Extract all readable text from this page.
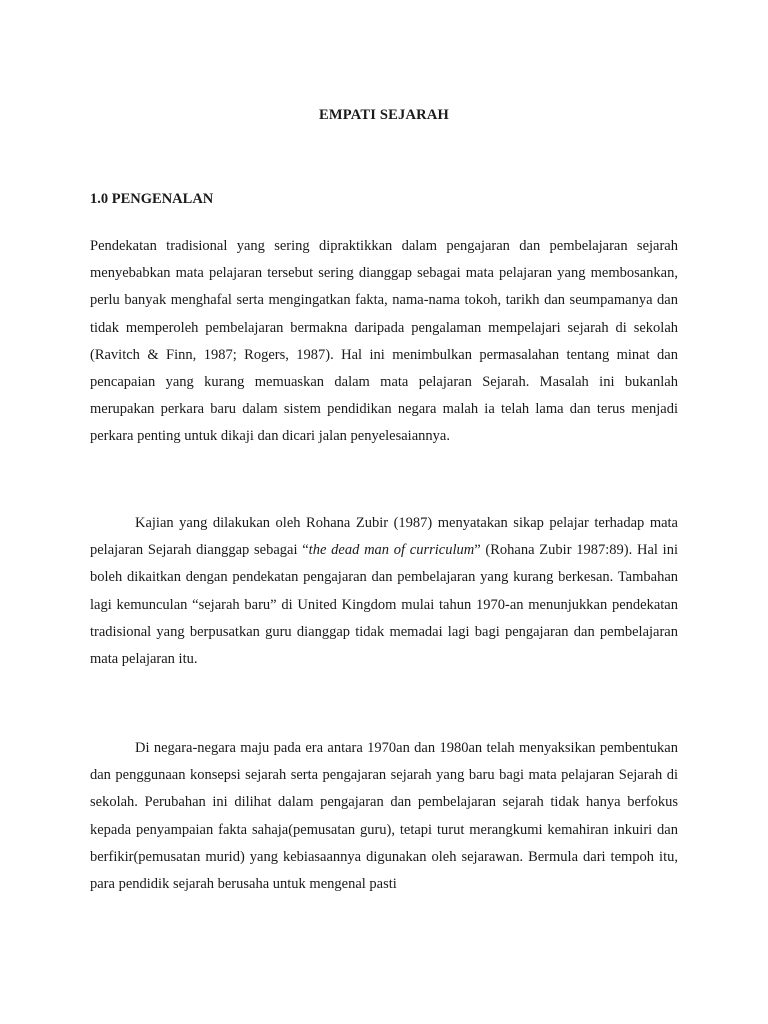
EMPATI SEJARAH
1.0 PENGENALAN

Pendekatan tradisional yang sering dipraktikkan dalam pengajaran dan pembelajaran sejarah menyebabkan mata pelajaran tersebut sering dianggap sebagai mata pelajaran yang membosankan, perlu banyak menghafal serta mengingatkan fakta, nama-nama tokoh, tarikh dan seumpamanya dan tidak memperoleh pembelajaran bermakna daripada pengalaman mempelajari sejarah di sekolah (Ravitch & Finn, 1987; Rogers, 1987). Hal ini menimbulkan permasalahan tentang minat dan pencapaian yang kurang memuaskan dalam mata pelajaran Sejarah. Masalah ini bukanlah merupakan perkara baru dalam sistem pendidikan negara malah ia telah lama dan terus menjadi perkara penting untuk dikaji dan dicari jalan penyelesaiannya.

Kajian yang dilakukan oleh Rohana Zubir (1987) menyatakan sikap pelajar terhadap mata pelajaran Sejarah dianggap sebagai “the dead man of curriculum” (Rohana Zubir 1987:89). Hal ini boleh dikaitkan dengan pendekatan pengajaran dan pembelajaran yang kurang berkesan. Tambahan lagi kemunculan “sejarah baru” di United Kingdom mulai tahun 1970-an menunjukkan pendekatan tradisional yang berpusatkan guru dianggap tidak memadai lagi bagi pengajaran dan pembelajaran mata pelajaran itu.

Di negara-negara maju pada era antara 1970an dan 1980an telah menyaksikan pembentukan dan penggunaan konsepsi sejarah serta pengajaran sejarah yang baru bagi mata pelajaran Sejarah di sekolah. Perubahan ini dilihat dalam pengajaran dan pembelajaran sejarah tidak hanya berfokus kepada penyampaian fakta sahaja(pemusatan guru), tetapi turut merangkumi kemahiran inkuiri dan berfikir(pemusatan murid) yang kebiasaannya digunakan oleh sejarawan. Bermula dari tempoh itu, para pendidik sejarah berusaha untuk mengenal pasti
